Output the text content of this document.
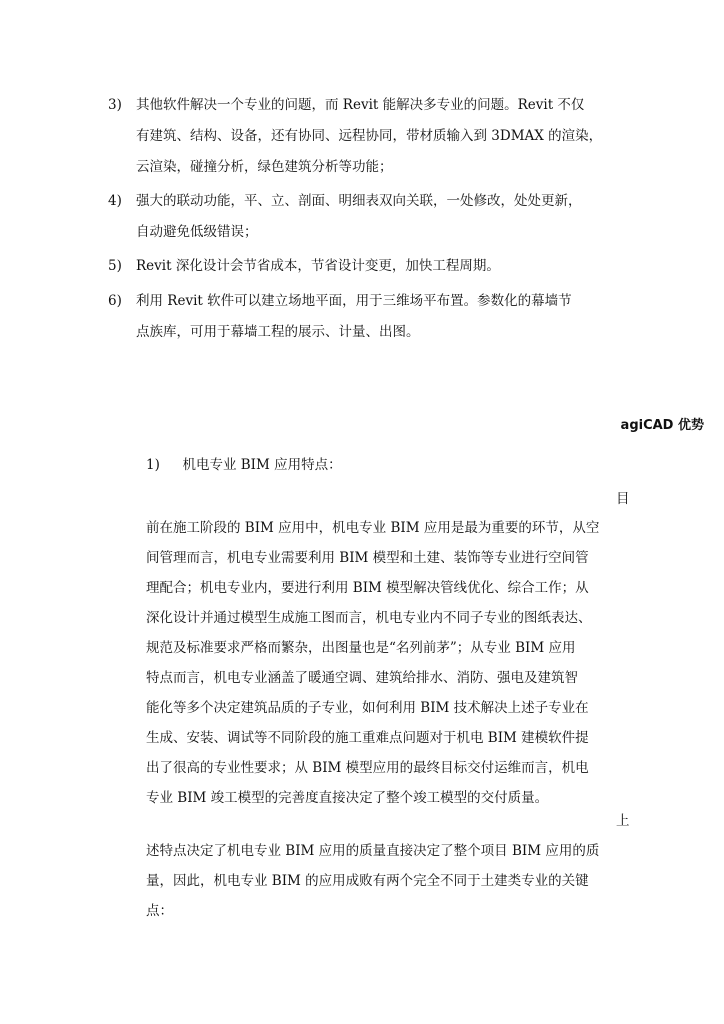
3)	其他软件解决一个专业的问题，而 Revit 能解决多专业的问题。Revit 不仅
有建筑、结构、设备，还有协同、远程协同，带材质输入到 3DMAX 的渲染，
云渲染，碰撞分析，绿色建筑分析等功能；
4)	强大的联动功能，平、立、剖面、明细表双向关联，一处修改，处处更新，
自动避免低级错误；
5)	Revit 深化设计会节省成本，节省设计变更，加快工程周期。
6)	利用 Revit 软件可以建立场地平面，用于三维场平布置。参数化的幕墙节
点族库，可用于幕墙工程的展示、计量、出图。
agiCAD 优势
1) 机电专业 BIM 应用特点：
目
前在施工阶段的 BIM 应用中，机电专业 BIM 应用是最为重要的环节，从空
间管理而言，机电专业需要利用 BIM 模型和土建、装饰等专业进行空间管
理配合；机电专业内，要进行利用 BIM 模型解决管线优化、综合工作；从
深化设计并通过模型生成施工图而言，机电专业内不同子专业的图纸表达、
规范及标准要求严格而繁杂，出图量也是“名列前茅”；从专业 BIM 应用
特点而言，机电专业涵盖了暖通空调、建筑给排水、消防、强电及建筑智
能化等多个决定建筑品质的子专业，如何利用 BIM 技术解决上述子专业在
生成、安装、调试等不同阶段的施工重难点问题对于机电 BIM 建模软件提
出了很高的专业性要求；从 BIM 模型应用的最终目标交付运维而言，机电
专业 BIM 竣工模型的完善度直接决定了整个竣工模型的交付质量。
上
述特点决定了机电专业 BIM 应用的质量直接决定了整个项目 BIM 应用的质
量，因此，机电专业 BIM 的应用成败有两个完全不同于土建类专业的关键
点：
